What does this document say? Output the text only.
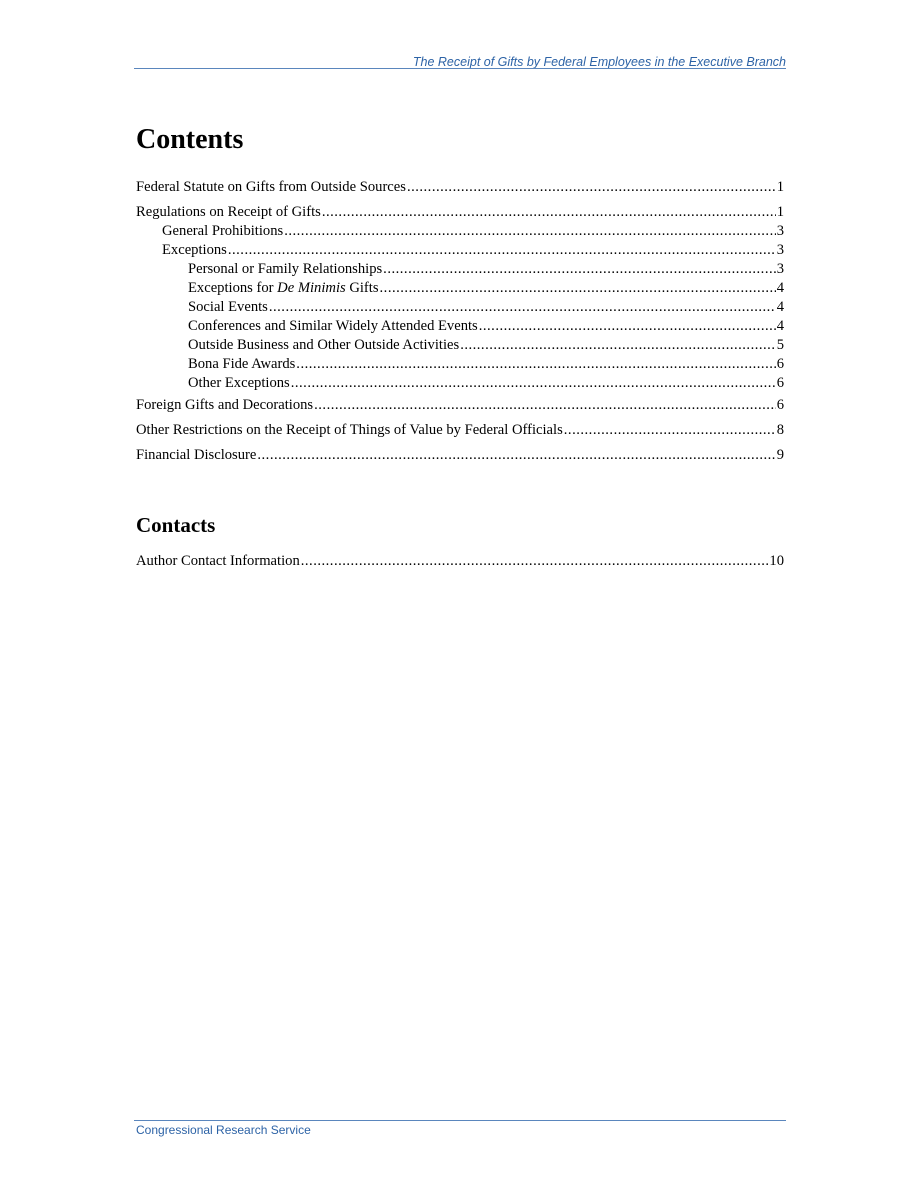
The Receipt of Gifts by Federal Employees in the Executive Branch
Contents
Federal Statute on Gifts from Outside Sources .....	1
Regulations on Receipt of Gifts .....	1
General Prohibitions .....	3
Exceptions .....	3
Personal or Family Relationships .....	3
Exceptions for De Minimis Gifts .....	4
Social Events .....	4
Conferences and Similar Widely Attended Events .....	4
Outside Business and Other Outside Activities .....	5
Bona Fide Awards .....	6
Other Exceptions .....	6
Foreign Gifts and Decorations .....	6
Other Restrictions on the Receipt of Things of Value by Federal Officials .....	8
Financial Disclosure .....	9
Contacts
Author Contact Information .....	10
Congressional Research Service
